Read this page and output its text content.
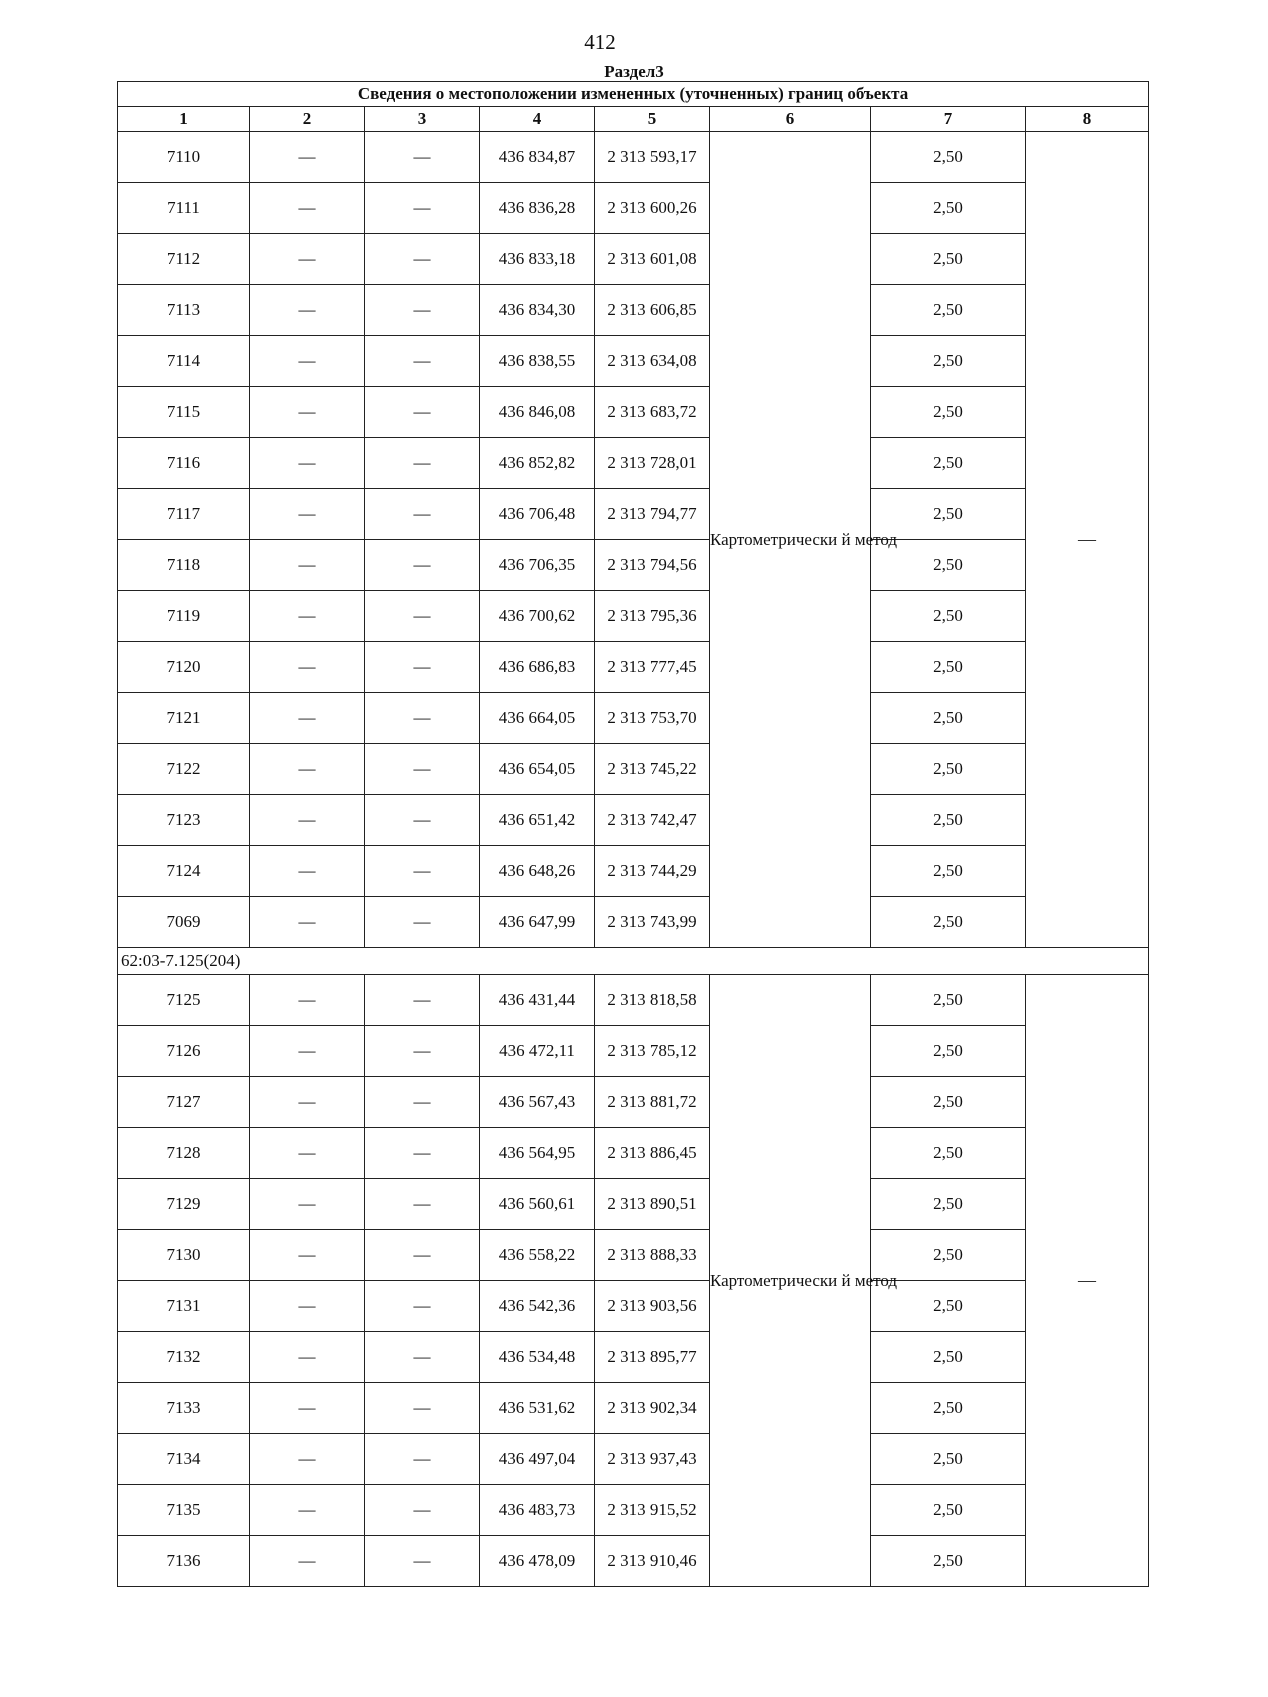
412
Раздел3
Сведения о местоположении измененных (уточненных) границ объекта							
1	2	3	4	5	6	7	8
7110	—	—	436 834,87	2 313 593,17	Картометрически й метод	2,50	—
7111	—	—	436 836,28	2 313 600,26		2,50	
7112	—	—	436 833,18	2 313 601,08		2,50	
7113	—	—	436 834,30	2 313 606,85		2,50	
7114	—	—	436 838,55	2 313 634,08		2,50	
7115	—	—	436 846,08	2 313 683,72		2,50	
7116	—	—	436 852,82	2 313 728,01		2,50	
7117	—	—	436 706,48	2 313 794,77		2,50	
7118	—	—	436 706,35	2 313 794,56		2,50	
7119	—	—	436 700,62	2 313 795,36		2,50	
7120	—	—	436 686,83	2 313 777,45		2,50	
7121	—	—	436 664,05	2 313 753,70		2,50	
7122	—	—	436 654,05	2 313 745,22		2,50	
7123	—	—	436 651,42	2 313 742,47		2,50	
7124	—	—	436 648,26	2 313 744,29		2,50	
7069	—	—	436 647,99	2 313 743,99		2,50	
62:03-7.125(204)							
7125	—	—	436 431,44	2 313 818,58	Картометрически й метод	2,50	—
7126	—	—	436 472,11	2 313 785,12		2,50	
7127	—	—	436 567,43	2 313 881,72		2,50	
7128	—	—	436 564,95	2 313 886,45		2,50	
7129	—	—	436 560,61	2 313 890,51		2,50	
7130	—	—	436 558,22	2 313 888,33		2,50	
7131	—	—	436 542,36	2 313 903,56		2,50	
7132	—	—	436 534,48	2 313 895,77		2,50	
7133	—	—	436 531,62	2 313 902,34		2,50	
7134	—	—	436 497,04	2 313 937,43		2,50	
7135	—	—	436 483,73	2 313 915,52		2,50	
7136	—	—	436 478,09	2 313 910,46		2,50	
